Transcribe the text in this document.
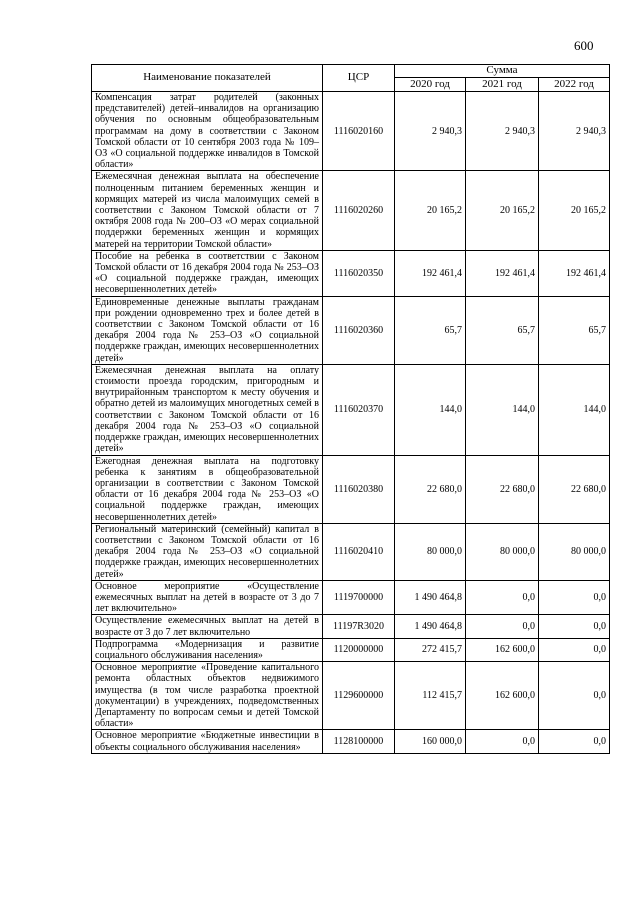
600
Наименование показателей	ЦСР	Сумма		
		2020 год	2021 год	2022 год
Компенсация затрат родителей (законных представителей) детей–инвалидов на организацию обучения по основным общеобразовательным программам на дому в соответствии с Законом Томской области от 10 сентября 2003 года № 109–ОЗ «О социальной поддержке инвалидов в Томской области»	1116020160	2 940,3	2 940,3	2 940,3
Ежемесячная денежная выплата на обеспечение полноценным питанием беременных женщин и кормящих матерей из числа малоимущих семей в соответствии с Законом Томской области от 7 октября 2008 года № 200–ОЗ «О мерах социальной поддержки беременных женщин и кормящих матерей на территории Томской области»	1116020260	20 165,2	20 165,2	20 165,2
Пособие на ребенка в соответствии с Законом Томской области от 16 декабря 2004 года № 253–ОЗ «О социальной поддержке граждан, имеющих несовершеннолетних детей»	1116020350	192 461,4	192 461,4	192 461,4
Единовременные денежные выплаты гражданам при рождении одновременно трех и более детей в соответствии с Законом Томской области от 16 декабря 2004 года № 253–ОЗ «О социальной поддержке граждан, имеющих несовершеннолетних детей»	1116020360	65,7	65,7	65,7
Ежемесячная денежная выплата на оплату стоимости проезда городским, пригородным и внутрирайонным транспортом к месту обучения и обратно детей из малоимущих многодетных семей в соответствии с Законом Томской области от 16 декабря 2004 года № 253–ОЗ «О социальной поддержке граждан, имеющих несовершеннолетних детей»	1116020370	144,0	144,0	144,0
Ежегодная денежная выплата на подготовку ребенка к занятиям в общеобразовательной организации в соответствии с Законом Томской области от 16 декабря 2004 года № 253–ОЗ «О социальной поддержке граждан, имеющих несовершеннолетних детей»	1116020380	22 680,0	22 680,0	22 680,0
Региональный материнский (семейный) капитал в соответствии с Законом Томской области от 16 декабря 2004 года № 253–ОЗ «О социальной поддержке граждан, имеющих несовершеннолетних детей»	1116020410	80 000,0	80 000,0	80 000,0
Основное мероприятие «Осуществление ежемесячных выплат на детей в возрасте от 3 до 7 лет включительно»	1119700000	1 490 464,8	0,0	0,0
Осуществление ежемесячных выплат на детей в возрасте от 3 до 7 лет включительно	11197R3020	1 490 464,8	0,0	0,0
Подпрограмма «Модернизация и развитие социального обслуживания населения»	1120000000	272 415,7	162 600,0	0,0
Основное мероприятие «Проведение капитального ремонта областных объектов недвижимого имущества (в том числе разработка проектной документации) в учреждениях, подведомственных Департаменту по вопросам семьи и детей Томской области»	1129600000	112 415,7	162 600,0	0,0
Основное мероприятие «Бюджетные инвестиции в объекты социального обслуживания населения»	1128100000	160 000,0	0,0	0,0
